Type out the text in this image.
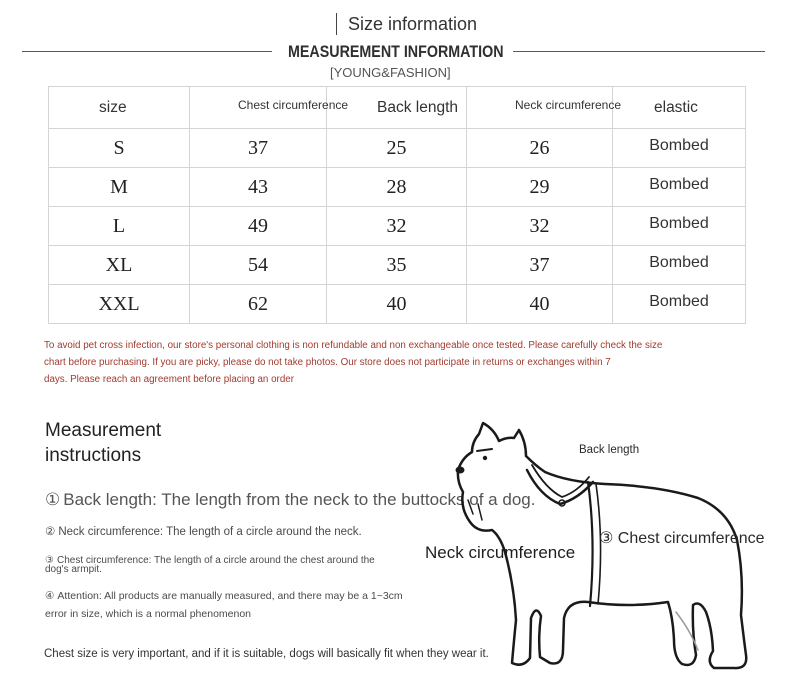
Size information
MEASUREMENT INFORMATION
[YOUNG&FASHION]
size	Chest circumference	Back length	Neck circumference	elastic
S	37	25	26	Bombed
M	43	28	29	Bombed
L	49	32	32	Bombed
XL	54	35	37	Bombed
XXL	62	40	40	Bombed
To avoid pet cross infection, our store's personal clothing is non refundable and non exchangeable once tested. Please carefully check the size
chart before purchasing. If you are picky, please do not take photos. Our store does not participate in returns or exchanges within 7
days. Please reach an agreement before placing an order
Measurement instructions
① Back length: The length from the neck to the buttocks of a dog.
② Neck circumference: The length of a circle around the neck.
③ Chest circumference: The length of a circle around the chest around the
dog's armpit.
④ Attention: All products are manually measured, and there may be a 1~3cm
error in size, which is a normal phenomenon
Chest size is very important, and if it is suitable, dogs will basically fit when they wear it.
Back length
③ Chest circumference
Neck circumference
